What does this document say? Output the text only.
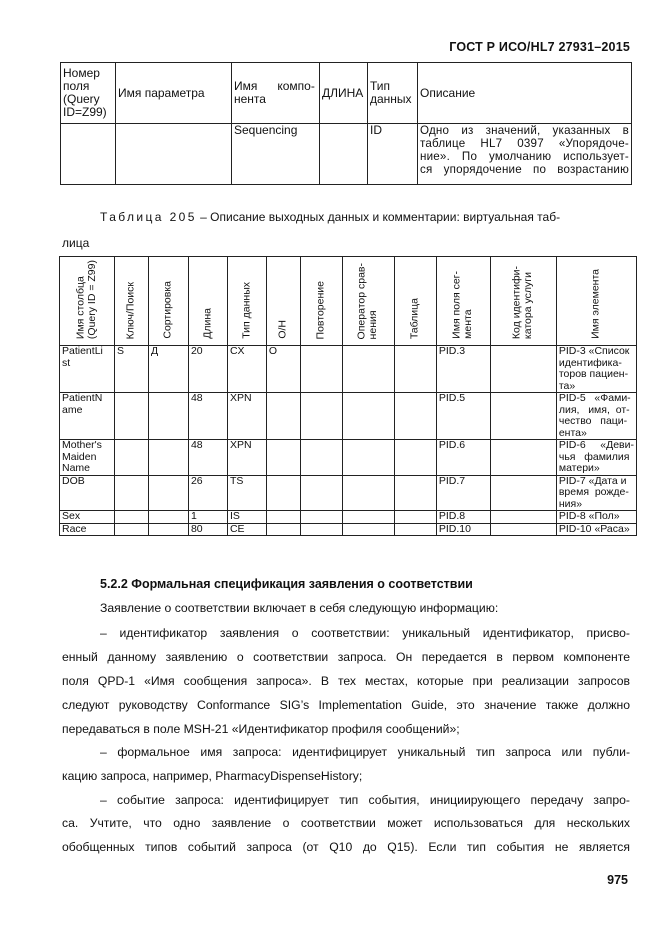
ГОСТ Р ИСО/HL7 27931–2015
Номер
поля
(Query
ID=Z99)	Имя параметра	Имя      компо-
нента	ДЛИНА	Тип
данных	Описание
		Sequencing		ID	Одно из значений, указанных в
таблице HL7 0397 «Упорядоче-
ние». По умолчанию использует-
ся упорядочение по возрастанию
Таблица 205 – Описание выходных данных и комментарии: виртуальная таб-
лица
Имя столбца
(Query ID = Z99)	Ключ/Поиск	Сортировка	Длина	Тип данных	О/Н	Повторение	Оператор срав-
нения	Таблица	Имя поля сег-
мента	Код идентифи-
катора услуги	Имя элемента

PatientLi
st	S	Д	20	CX	O				PID.3		PID-3 «Список
идентифика-
торов пациен-
та»
PatientN
ame			48	XPN					PID.5		PID-5   «Фами-
лия,   имя,  от-
чество   паци-
ента»
Mother's
Maiden
Name			48	XPN					PID.6		PID-6     «Деви-
чья   фамилия
матери»
DOB			26	TS					PID.7		PID-7 «Дата и
время  рожде-
ния»
Sex			1	IS					PID.8		PID-8 «Пол»
Race			80	CE					PID.10		PID-10 «Раса»
5.2.2 Формальная спецификация заявления о соответствии
Заявление о соответствии включает в себя следующую информацию:
– идентификатор заявления о соответствии: уникальный идентификатор, присво-
енный данному заявлению о соответствии запроса. Он передается в первом компоненте
поля QPD-1 «Имя сообщения запроса». В тех местах, которые при реализации запросов
следуют руководству Conformance SIG’s Implementation Guide, это значение также должно
передаваться в поле MSH-21 «Идентификатор профиля сообщений»;
– формальное имя запроса: идентифицирует уникальный тип запроса или публи-
кацию запроса, например, PharmacyDispenseHistory;
– событие запроса: идентифицирует тип события, инициирующего передачу запро-
са. Учтите, что одно заявление о соответствии может использоваться для нескольких
обобщенных типов событий запроса (от Q10 до Q15). Если тип события не является
975
